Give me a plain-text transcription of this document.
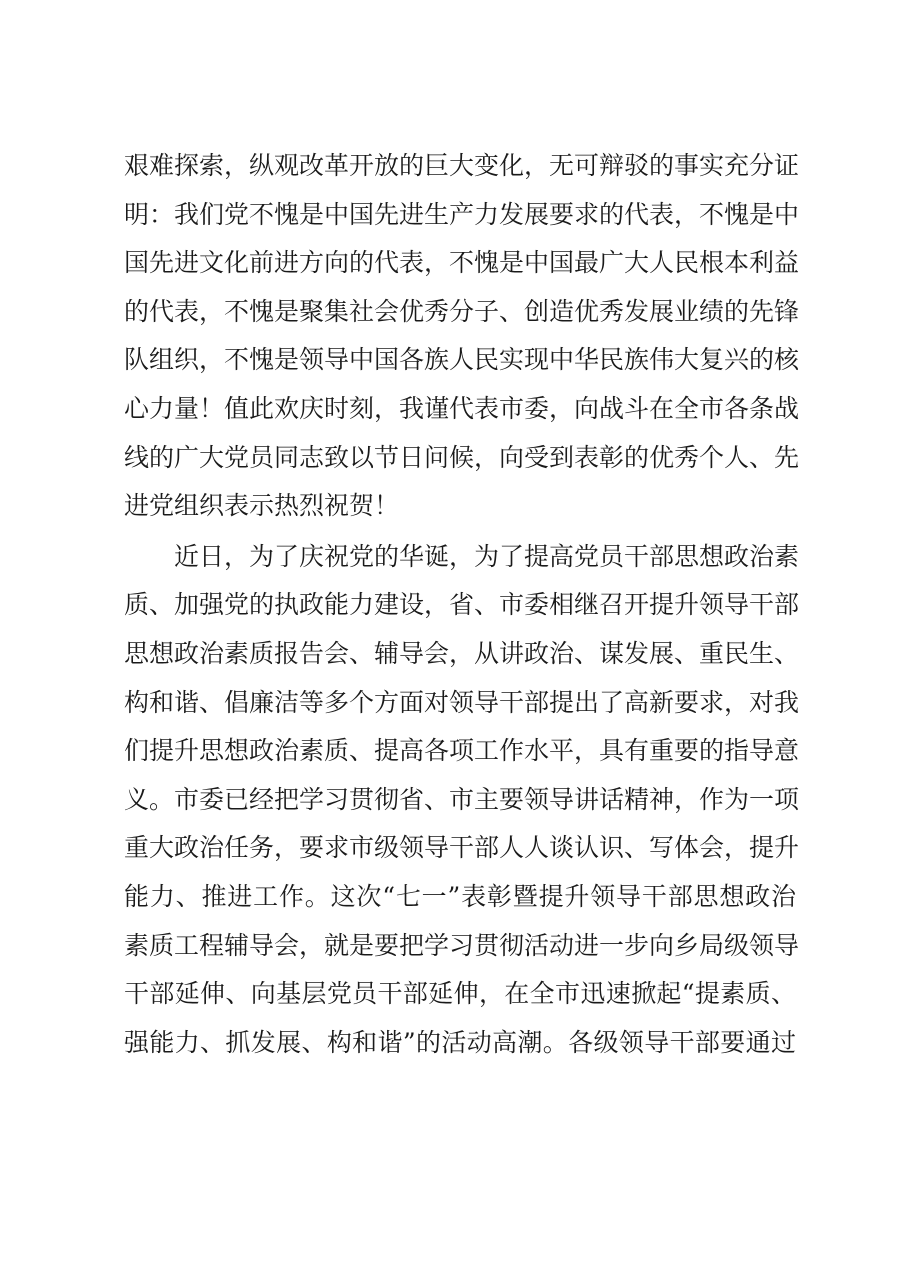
艰难探索，纵观改革开放的巨大变化，无可辩驳的事实充分证
明：我们党不愧是中国先进生产力发展要求的代表，不愧是中
国先进文化前进方向的代表，不愧是中国最广大人民根本利益
的代表，不愧是聚集社会优秀分子、创造优秀发展业绩的先锋
队组织，不愧是领导中国各族人民实现中华民族伟大复兴的核
心力量！值此欢庆时刻，我谨代表市委，向战斗在全市各条战
线的广大党员同志致以节日问候，向受到表彰的优秀个人、先
进党组织表示热烈祝贺！
近日，为了庆祝党的华诞，为了提高党员干部思想政治素
质、加强党的执政能力建设，省、市委相继召开提升领导干部
思想政治素质报告会、辅导会，从讲政治、谋发展、重民生、
构和谐、倡廉洁等多个方面对领导干部提出了高新要求，对我
们提升思想政治素质、提高各项工作水平，具有重要的指导意
义。市委已经把学习贯彻省、市主要领导讲话精神，作为一项
重大政治任务，要求市级领导干部人人谈认识、写体会，提升
能力、推进工作。这次“七一”表彰暨提升领导干部思想政治
素质工程辅导会，就是要把学习贯彻活动进一步向乡局级领导
干部延伸、向基层党员干部延伸，在全市迅速掀起“提素质、
强能力、抓发展、构和谐”的活动高潮。各级领导干部要通过
